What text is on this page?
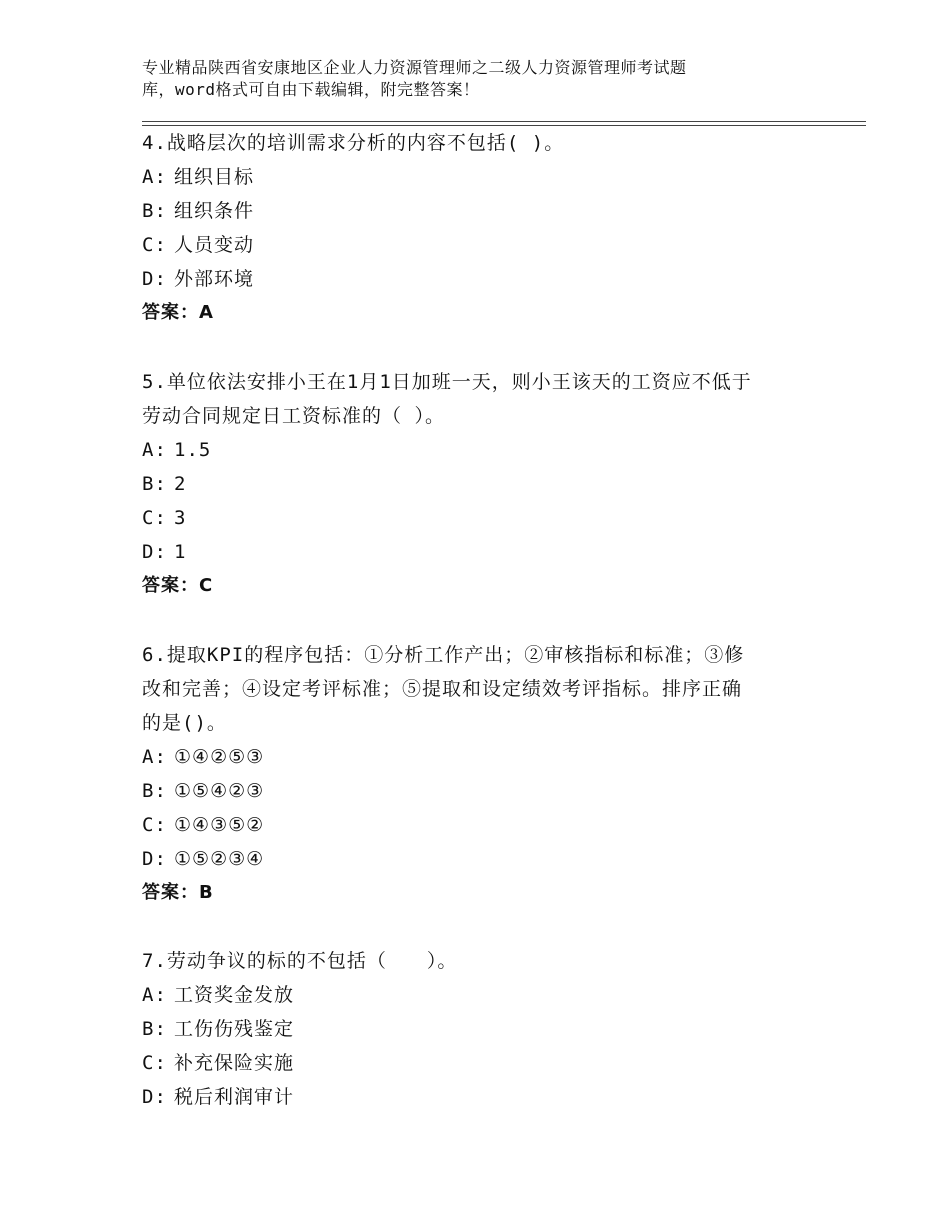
专业精品陕西省安康地区企业人力资源管理师之二级人力资源管理师考试题
库，word格式可自由下载编辑，附完整答案！
4.战略层次的培训需求分析的内容不包括( )。
A: 组织目标
B: 组织条件
C: 人员变动
D: 外部环境
答案：A
5.单位依法安排小王在1月1日加班一天，则小王该天的工资应不低于
劳动合同规定日工资标准的（ ）。
A: 1.5
B: 2
C: 3
D: 1
答案：C
6.提取KPI的程序包括：①分析工作产出；②审核指标和标准；③修
改和完善；④设定考评标准；⑤提取和设定绩效考评指标。排序正确
的是()。
A: ①④②⑤③
B: ①⑤④②③
C: ①④③⑤②
D: ①⑤②③④
答案：B
7.劳动争议的标的不包括（　　）。
A: 工资奖金发放
B: 工伤伤残鉴定
C: 补充保险实施
D: 税后利润审计
